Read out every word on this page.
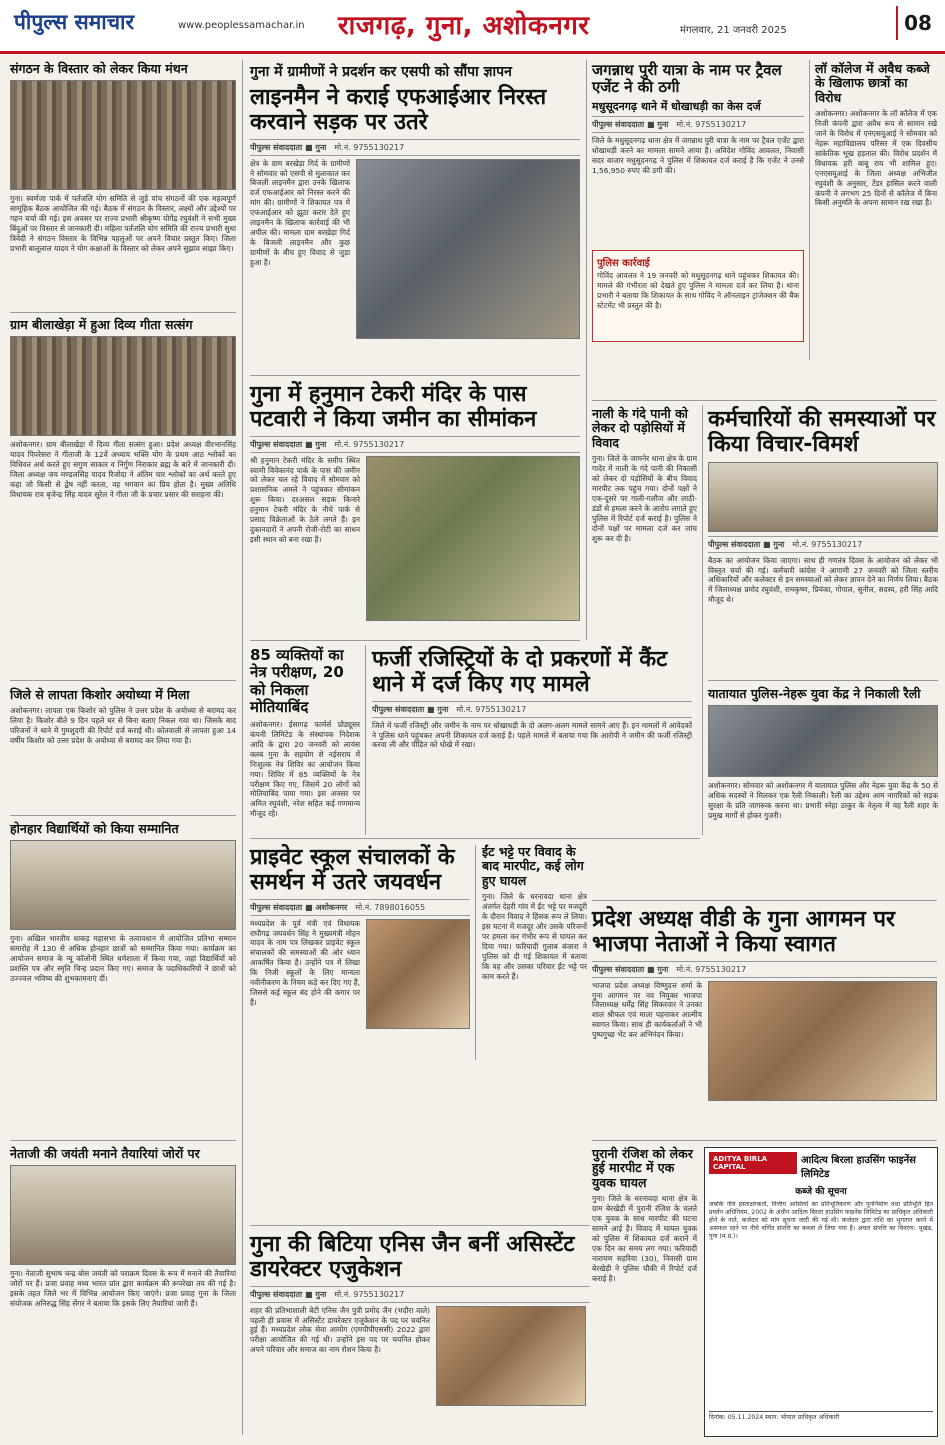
पीपुल्स समाचार	www.peoplessamachar.in राजगढ़, गुना, अशोकनगर	मंगलवार, 21 जनवरी 2025	08
संगठन के विस्तार को लेकर किया मंथन
गुना। स्वर्णजा पार्क में पर्तंजलि योग समिति से जुड़े पांच संगठनों की एक महत्वपूर्ण सामूहिक बैठक आयोजित की गई। बैठक में संगठन के विस्तार, लक्ष्यों और उद्देश्यों पर गहन चर्चा की गई। इस अवसर पर राज्य प्रभारी श्रीकृष्ण योगेंद्र रघुवंशी ने सभी मुख्य बिंदुओं पर विस्तार से जानकारी दी। महिला पर्तंजलि योग समिति की राज्य प्रभारी सुधा त्रिवेदी ने संगठन विस्तार के विभिन्न पहलुओं पर अपने विचार प्रस्तुत किए। जिला प्रभारी बालूलाल यादव ने योग कक्षाओं के विस्तार को लेकर अपने सुझाव साझा किए।
ग्राम बीलाखेड़ा में हुआ दिव्य गीता सत्संग
अशोकनगर। ग्राम बीलाखेड़ा में दिव्य गीता सत्संग हुआ। प्रदेश अध्यक्ष वीरभानसिंह यादव पिपरेसरा ने गीताजी के 12वें अध्याय भक्ति योग के प्रथम आठ श्लोकों का विधिवत अर्थ करते हुए सगुण साकार व निर्गुण निराकार ब्रह्म के बारे में जानकारी दी। जिला अध्यक्ष जय मण्डलसिंह यादव रिजोदा ने अंतिम चार श्लोकों का अर्थ करते हुए कहा जो किसी से द्वेष नहीं करता, वह भगवान का प्रिय होता है। मुख्य अतिथि विधायक राव बृजेन्द्र सिंह यादव सूरेल ने गीता जी के प्रचार प्रसार की सराहना की।
जिले से लापता किशोर अयोध्या में मिला
अशोकनगर। लापता एक किशोर को पुलिस ने उत्तर प्रदेश के अयोध्या से बरामद कर लिया है। किशोर बीते 9 दिन पहले घर से बिना बताए निकल गया था। जिसके बाद परिजनों ने थाने में गुमशुदगी की रिपोर्ट दर्ज कराई थी। कोतवाली से लापता हुआ 14 वर्षीय किशोर को उत्तर प्रदेश के अयोध्या से बरामद कर लिया गया है।
होनहार विद्यार्थियों को किया सम्मानित
गुना। अखिल भारतीय धाकड़ महासभा के तत्वावधान में आयोजित प्रतिभा सम्मान समारोह में 130 से अधिक होनहार छात्रों को सम्मानित किया गया। कार्यक्रम का आयोजन समाज के न्यू कॉलोनी स्थित धर्मशाला में किया गया, जहां विद्यार्थियों को प्रशस्ति पत्र और स्मृति चिन्ह प्रदान किए गए। समाज के पदाधिकारियों ने छात्रों को उज्ज्वल भविष्य की शुभकामनाएं दीं।
नेताजी की जयंती मनाने तैयारियां जोरों पर
गुना। नेताजी सुभाष चन्द्र बोस जयंती को पराक्रम दिवस के रूप में मनाने की तैयारियां जोरों पर हैं। प्रजा प्रवाह मध्य भारत प्रांत द्वारा कार्यक्रम की रूपरेखा तय की गई है। इसके तहत जिले भर में विभिन्न आयोजन किए जाएंगे। प्रजा प्रवाह गुना के जिला संयोजक अनिरुद्ध सिंह सेंगर ने बताया कि इसके लिए तैयारियां जारी हैं।
गुना में ग्रामीणों ने प्रदर्शन कर एसपी को सौंपा ज्ञापन
लाइनमैन ने कराई एफआईआर निरस्त करवाने सड़क पर उतरे
पीपुल्स संवाददाता ■ गुना मो.नं. 9755130217
क्षेत्र के ग्राम बरखेड़ा गिर्द के ग्रामीणों ने सोमवार को एसपी से मुलाकात कर बिजली लाइनमैन द्वारा उनके खिलाफ दर्ज एफआईआर को निरस्त करने की मांग की। ग्रामीणों ने शिकायत पत्र में एफआईआर को झूठा करार देते हुए लाइनमैन के खिलाफ कार्रवाई की भी अपील की। मामला ग्राम बरखेड़ा गिर्द के बिजली लाइनमैन और कुछ ग्रामीणों के बीच हुए विवाद से जुड़ा हुआ है।
गुना में हनुमान टेकरी मंदिर के पास पटवारी ने किया जमीन का सीमांकन
पीपुल्स संवाददाता ■ गुना मो.नं. 9755130217
श्री हनुमान टेकरी मंदिर के समीप स्थित स्वामी विवेकानंद पार्क के पास की जमीन को लेकर चल रहे विवाद में सोमवार को प्रशासनिक अमले ने पहुंचकर सीमांकन शुरू किया। दरअसल सड़क किनारे हनुमान टेकरी मंदिर के नीचे पार्क से प्रसाद विक्रेताओं के ठेले लगते हैं। इन दुकानदारों ने अपनी रोजी-रोटी का साधन इसी स्थान को बना रखा है।
85 व्यक्तियों का नेत्र परीक्षण, 20 को निकला मोतियाबिंद
अशोकनगर। ईसागढ़ फार्मर्स प्रोड्यूसर कंपनी लिमिटेड के संस्थापक निदेशक आदि के द्वारा 20 जनवरी को लायंस क्लब गुना के सहयोग से नईसराय में निःशुल्क नेत्र शिविर का आयोजन किया गया। शिविर में 85 व्यक्तियों के नेत्र परीक्षण किए गए, जिसमें 20 लोगों को मोतियाबिंद पाया गया। इस अवसर पर अमित रघुवंशी, नरेश सहित कई गणमान्य मौजूद रहे।
फर्जी रजिस्ट्रियों के दो प्रकरणों में कैंट थाने में दर्ज किए गए मामले
पीपुल्स संवाददाता ■ गुना मो.नं. 9755130217
जिले में फर्जी रजिस्ट्री और जमीन के नाम पर धोखाधड़ी के दो अलग-अलग मामले सामने आए हैं। इन मामलों में आवेदकों ने पुलिस थाने पहुंचकर अपनी शिकायत दर्ज कराई है। पहले मामले में बताया गया कि आरोपी ने जमीन की फर्जी रजिस्ट्री करवा ली और पीड़ित को धोखे में रखा।
प्राइवेट स्कूल संचालकों के समर्थन में उतरे जयवर्धन
पीपुल्स संवाददाता ■ अशोकनगर मो.नं. 7898016055
मध्यप्रदेश के पूर्व मंत्री एवं विधायक राघौगढ़ जयवर्धन सिंह ने मुख्यमंत्री मोहन यादव के नाम पत्र लिखकर प्राइवेट स्कूल संचालकों की समस्याओं की ओर ध्यान आकर्षित किया है। उन्होंने पत्र में लिखा कि निजी स्कूलों के लिए मान्यता नवीनीकरण के नियम कड़े कर दिए गए हैं, जिससे कई स्कूल बंद होने की कगार पर हैं।
ईंट भट्टे पर विवाद के बाद मारपीट, कई लोग हुए घायल
गुना। जिले के धरनावदा थाना क्षेत्र अंतर्गत देहरी गांव में ईंट भट्टे पर मजदूरी के दौरान विवाद ने हिंसक रूप ले लिया। इस घटना में मजदूर और उसके परिजनों पर हमला कर गंभीर रूप से घायल कर दिया गया। फरियादी गुलाब बंजारा ने पुलिस को दी गई शिकायत में बताया कि वह और उसका परिवार ईंट भट्टे पर काम करते हैं।
गुना की बिटिया एनिस जैन बनीं असिस्टेंट डायरेक्टर एजुकेशन
पीपुल्स संवाददाता ■ गुना मो.नं. 9755130217
शहर की प्रतिभाशाली बेटी एनिस जैन पुत्री प्रमोद जैन (भदौरा वाले) पहली ही प्रयास में असिस्टेंट डायरेक्टर एजुकेशन के पद पर चयनित हुई हैं। मध्यप्रदेश लोक सेवा आयोग (एमपीपीएससी) 2022 द्वारा परीक्षा आयोजित की गई थी। उन्होंने इस पद पर चयनित होकर अपने परिवार और समाज का नाम रोशन किया है।
जगन्नाथ पुरी यात्रा के नाम पर ट्रैवल एजेंट ने की ठगी
मधुसूदनगढ़ थाने में धोखाधड़ी का केस दर्ज
पीपुल्स संवाददाता ■ गुना मो.नं. 9755130217
जिले के मधुसूदनगढ़ थाना क्षेत्र में जगन्नाथ पुरी यात्रा के नाम पर ट्रैवल एजेंट द्वारा धोखाधड़ी करने का मामला सामने आया है। अविदेश गोविंद आवलत, निवासी सदर बाजार मधुसूदनगढ़ ने पुलिस में शिकायत दर्ज कराई है कि एजेंट ने उनसे 1,56,950 रुपए की ठगी की।
पुलिस कार्रवाई
गोविंद आवलत ने 19 जनवरी को मधुसूदनगढ़ थाने पहुंचकर शिकायत की। मामले की गंभीरता को देखते हुए पुलिस ने मामला दर्ज कर लिया है। थाना प्रभारी ने बताया कि शिकायत के साथ गोविंद ने ऑनलाइन ट्रांजेक्शन की बैंक स्टेटमेंट भी प्रस्तुत की है।
लॉ कॉलेज में अवैध कब्जे के खिलाफ छात्रों का विरोध
अशोकनगर। अशोकनगर के लॉ कॉलेज में एक निजी कंपनी द्वारा अवैध रूप से सामान रखे जाने के विरोध में एनएसयूआई ने सोमवार को नेहरू महाविद्यालय परिसर में एक दिवसीय सांकेतिक भूख हड़ताल की। विरोध प्रदर्शन में विधायक हरी बाबू राय भी शामिल हुए। एनएसयूआई के जिला अध्यक्ष अभिजीत रघुवंशी के अनुसार, टेंडर हासिल करने वाली कंपनी ने लगभग 25 दिनों से कॉलेज में बिना किसी अनुमति के अपना सामान रख रखा है।
नाली के गंदे पानी को लेकर दो पड़ोसियों में विवाद
गुना। जिले के जामनेर थाना क्षेत्र के ग्राम गादेर में नाली के गंदे पानी की निकासी को लेकर दो पड़ोसियों के बीच विवाद मारपीट तक पहुंच गया। दोनों पक्षों ने एक-दूसरे पर गाली-गलौज और लाठी-डंडों से हमला करने के आरोप लगाते हुए पुलिस में रिपोर्ट दर्ज कराई है। पुलिस ने दोनों पक्षों पर मामला दर्ज कर जांच शुरू कर दी है।
कर्मचारियों की समस्याओं पर किया विचार-विमर्श
पीपुल्स संवाददाता ■ गुना मो.नं. 9755130217
बैठक का आयोजन किया जाएगा। साथ ही गणतंत्र दिवस के आयोजन को लेकर भी विस्तृत चर्चा की गई। कर्मचारी कांग्रेस ने आगामी 27 जनवरी को जिला स्तरीय अधिकारियों और कलेक्टर से इन समस्याओं को लेकर ज्ञापन देने का निर्णय लिया। बैठक में जिलाध्यक्ष प्रमोद रघुवंशी, रामकृष्ण, प्रियंका, गोपाल, सुनील, सदस्य, हरी सिंह आदि मौजूद थे।
यातायात पुलिस-नेहरू युवा केंद्र ने निकाली रैली
अशोकनगर। सोमवार को अशोकनगर में यातायात पुलिस और नेहरू युवा केंद्र के 50 से अधिक सदस्यों ने मिलकर एक रैली निकाली। रैली का उद्देश्य आम नागरिकों को सड़क सुरक्षा के प्रति जागरूक करना था। प्रभारी स्नेहा ठाकुर के नेतृत्व में यह रैली शहर के प्रमुख मार्गों से होकर गुजरी।
प्रदेश अध्यक्ष वीडी के गुना आगमन पर भाजपा नेताओं ने किया स्वागत
पीपुल्स संवाददाता ■ गुना मो.नं. 9755130217
भाजपा प्रदेश अध्यक्ष विष्णुदत्त शर्मा के गुना आगमन पर नव नियुक्त भाजपा जिलाध्यक्ष धर्मेंद्र सिंह सिकरवार ने उनका शाल श्रीफल एवं माला पहनाकर आत्मीय स्वागत किया। साथ ही कार्यकर्ताओं ने भी पुष्पगुच्छ भेंट कर अभिनंदन किया।
पुरानी रंजिश को लेकर हुई मारपीट में एक युवक घायल
गुना। जिले के धरनावदा थाना क्षेत्र के ग्राम बेरखेड़ी में पुरानी रंजिश के चलते एक युवक के साथ मारपीट की घटना सामने आई है। विवाद में घायल युवक को पुलिस में शिकायत दर्ज कराने में एक दिन का समय लग गया। फरियादी नारायण सहरिया (30), निवासी ग्राम बेरखेड़ी ने पुलिस चौकी में रिपोर्ट दर्ज कराई है।
ADITYA BIRLA CAPITAL
आदित्य बिरला हाउसिंग फाइनेंस लिमिटेड
कब्जे की सूचना
जबकि नीचे हस्ताक्षरकर्ता, वित्तीय आस्तियों का प्रतिभूतिकरण और पुनर्निर्माण तथा प्रतिभूति हित प्रवर्तन अधिनियम, 2002 के अधीन आदित्य बिरला हाउसिंग फाइनेंस लिमिटेड का प्राधिकृत अधिकारी होने के नाते, कर्जदार को मांग सूचना जारी की गई थी। कर्जदार द्वारा राशि का भुगतान करने में असफल रहने पर नीचे वर्णित संपत्ति का कब्जा ले लिया गया है। अचल संपत्ति का विवरण: भूखंड, गुना (म.प्र.)।
दिनांक: 05.11.2024 स्थान: भोपाल प्राधिकृत अधिकारी
